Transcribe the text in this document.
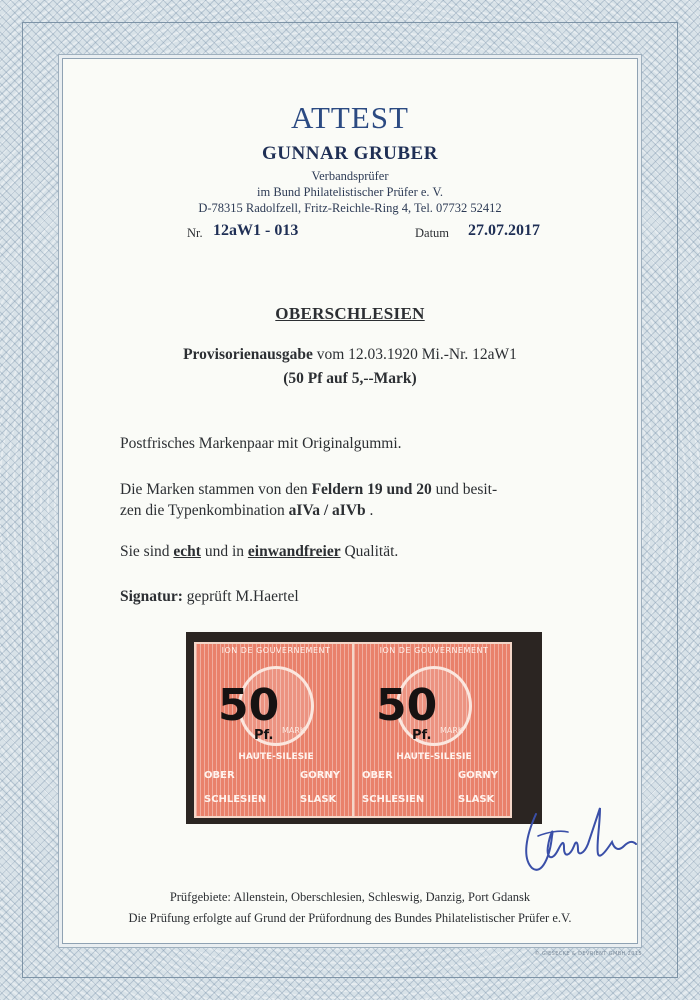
ATTEST
GUNNAR GRUBER
Verbandsprüfer
im Bund Philatelistischer Prüfer e. V.
D-78315 Radolfzell, Fritz-Reichle-Ring 4, Tel. 07732 52412
Nr. 12aW1 - 013	Datum 27.07.2017
OBERSCHLESIEN
Provisorienausgabe vom 12.03.1920 Mi.-Nr. 12aW1
(50 Pf auf 5,--Mark)
Postfrisches Markenpaar mit Originalgummi.
Die Marken stammen von den Feldern 19 und 20 und besit-
zen die Typenkombination aIVa / aIVb .
Sie sind echt und in einwandfreier Qualität.
Signatur: geprüft M.Haertel
ION DE GOUVERNEMENT
50 MARK
Pf.
HAUTE-SILESIE
OBER	GORNY
SCHLESIEN	SLASK
ION DE GOUVERNEMENT
50 MARK
Pf.
HAUTE-SILESIE
OBER	GORNY
SCHLESIEN	SLASK
Prüfgebiete: Allenstein, Oberschlesien, Schleswig, Danzig, Port Gdansk
Die Prüfung erfolgte auf Grund der Prüfordnung des Bundes Philatelistischer Prüfer e.V.
© GIESECKE & DEVRIENT GMBH 2015
